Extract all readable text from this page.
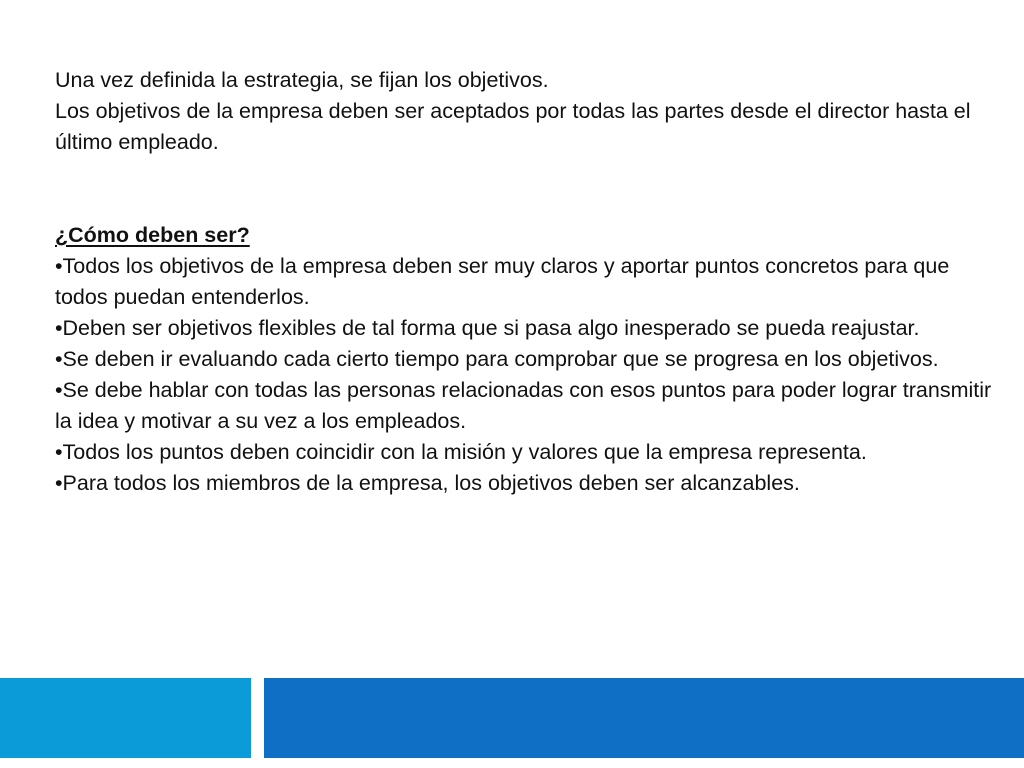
Una vez definida la estrategia, se fijan los objetivos.
Los objetivos de la empresa deben ser aceptados por todas las partes desde el director hasta el último empleado.

¿Cómo deben ser?

•Todos los objetivos de la empresa deben ser muy claros y aportar puntos concretos para que todos puedan entenderlos.
•Deben ser objetivos flexibles de tal forma que si pasa algo inesperado se pueda reajustar.
•Se deben ir evaluando cada cierto tiempo para comprobar que se progresa en los objetivos.
•Se debe hablar con todas las personas relacionadas con esos puntos para poder lograr transmitir la idea y motivar a su vez a los empleados.
•Todos los puntos deben coincidir con la misión y valores que la empresa representa.
•Para todos los miembros de la empresa, los objetivos deben ser alcanzables.
